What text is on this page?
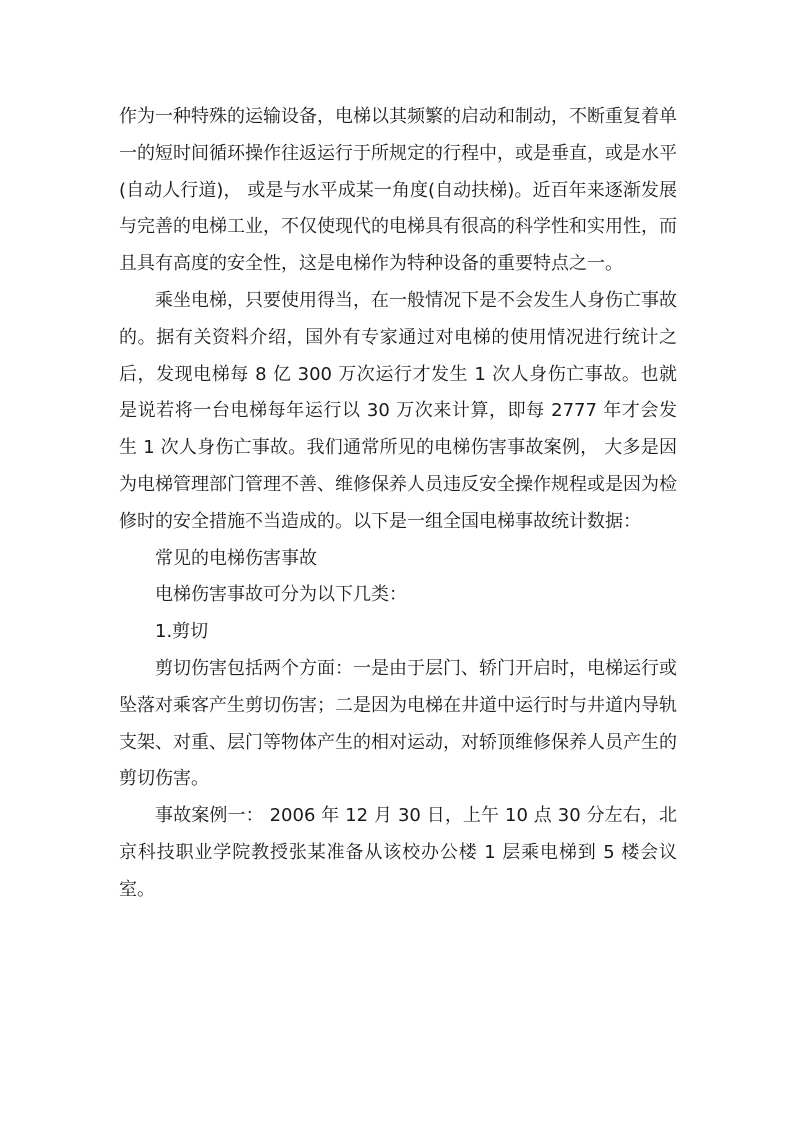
作为一种特殊的运输设备，电梯以其频繁的启动和制动，不断重复着单一的短时间循环操作往返运行于所规定的行程中，或是垂直，或是水平(自动人行道)， 或是与水平成某一角度(自动扶梯)。近百年来逐渐发展与完善的电梯工业，不仅使现代的电梯具有很高的科学性和实用性，而且具有高度的安全性，这是电梯作为特种设备的重要特点之一。

乘坐电梯，只要使用得当，在一般情况下是不会发生人身伤亡事故的。据有关资料介绍，国外有专家通过对电梯的使用情况进行统计之后，发现电梯每 8 亿 300 万次运行才发生 1 次人身伤亡事故。也就是说若将一台电梯每年运行以 30 万次来计算，即每 2777 年才会发生 1 次人身伤亡事故。我们通常所见的电梯伤害事故案例， 大多是因为电梯管理部门管理不善、维修保养人员违反安全操作规程或是因为检修时的安全措施不当造成的。以下是一组全国电梯事故统计数据：

常见的电梯伤害事故

电梯伤害事故可分为以下几类：

1.剪切

剪切伤害包括两个方面：一是由于层门、轿门开启时，电梯运行或坠落对乘客产生剪切伤害；二是因为电梯在井道中运行时与井道内导轨支架、对重、层门等物体产生的相对运动，对轿顶维修保养人员产生的剪切伤害。

事故案例一： 2006 年 12 月 30 日，上午 10 点 30 分左右，北京科技职业学院教授张某准备从该校办公楼 1 层乘电梯到 5 楼会议室。
